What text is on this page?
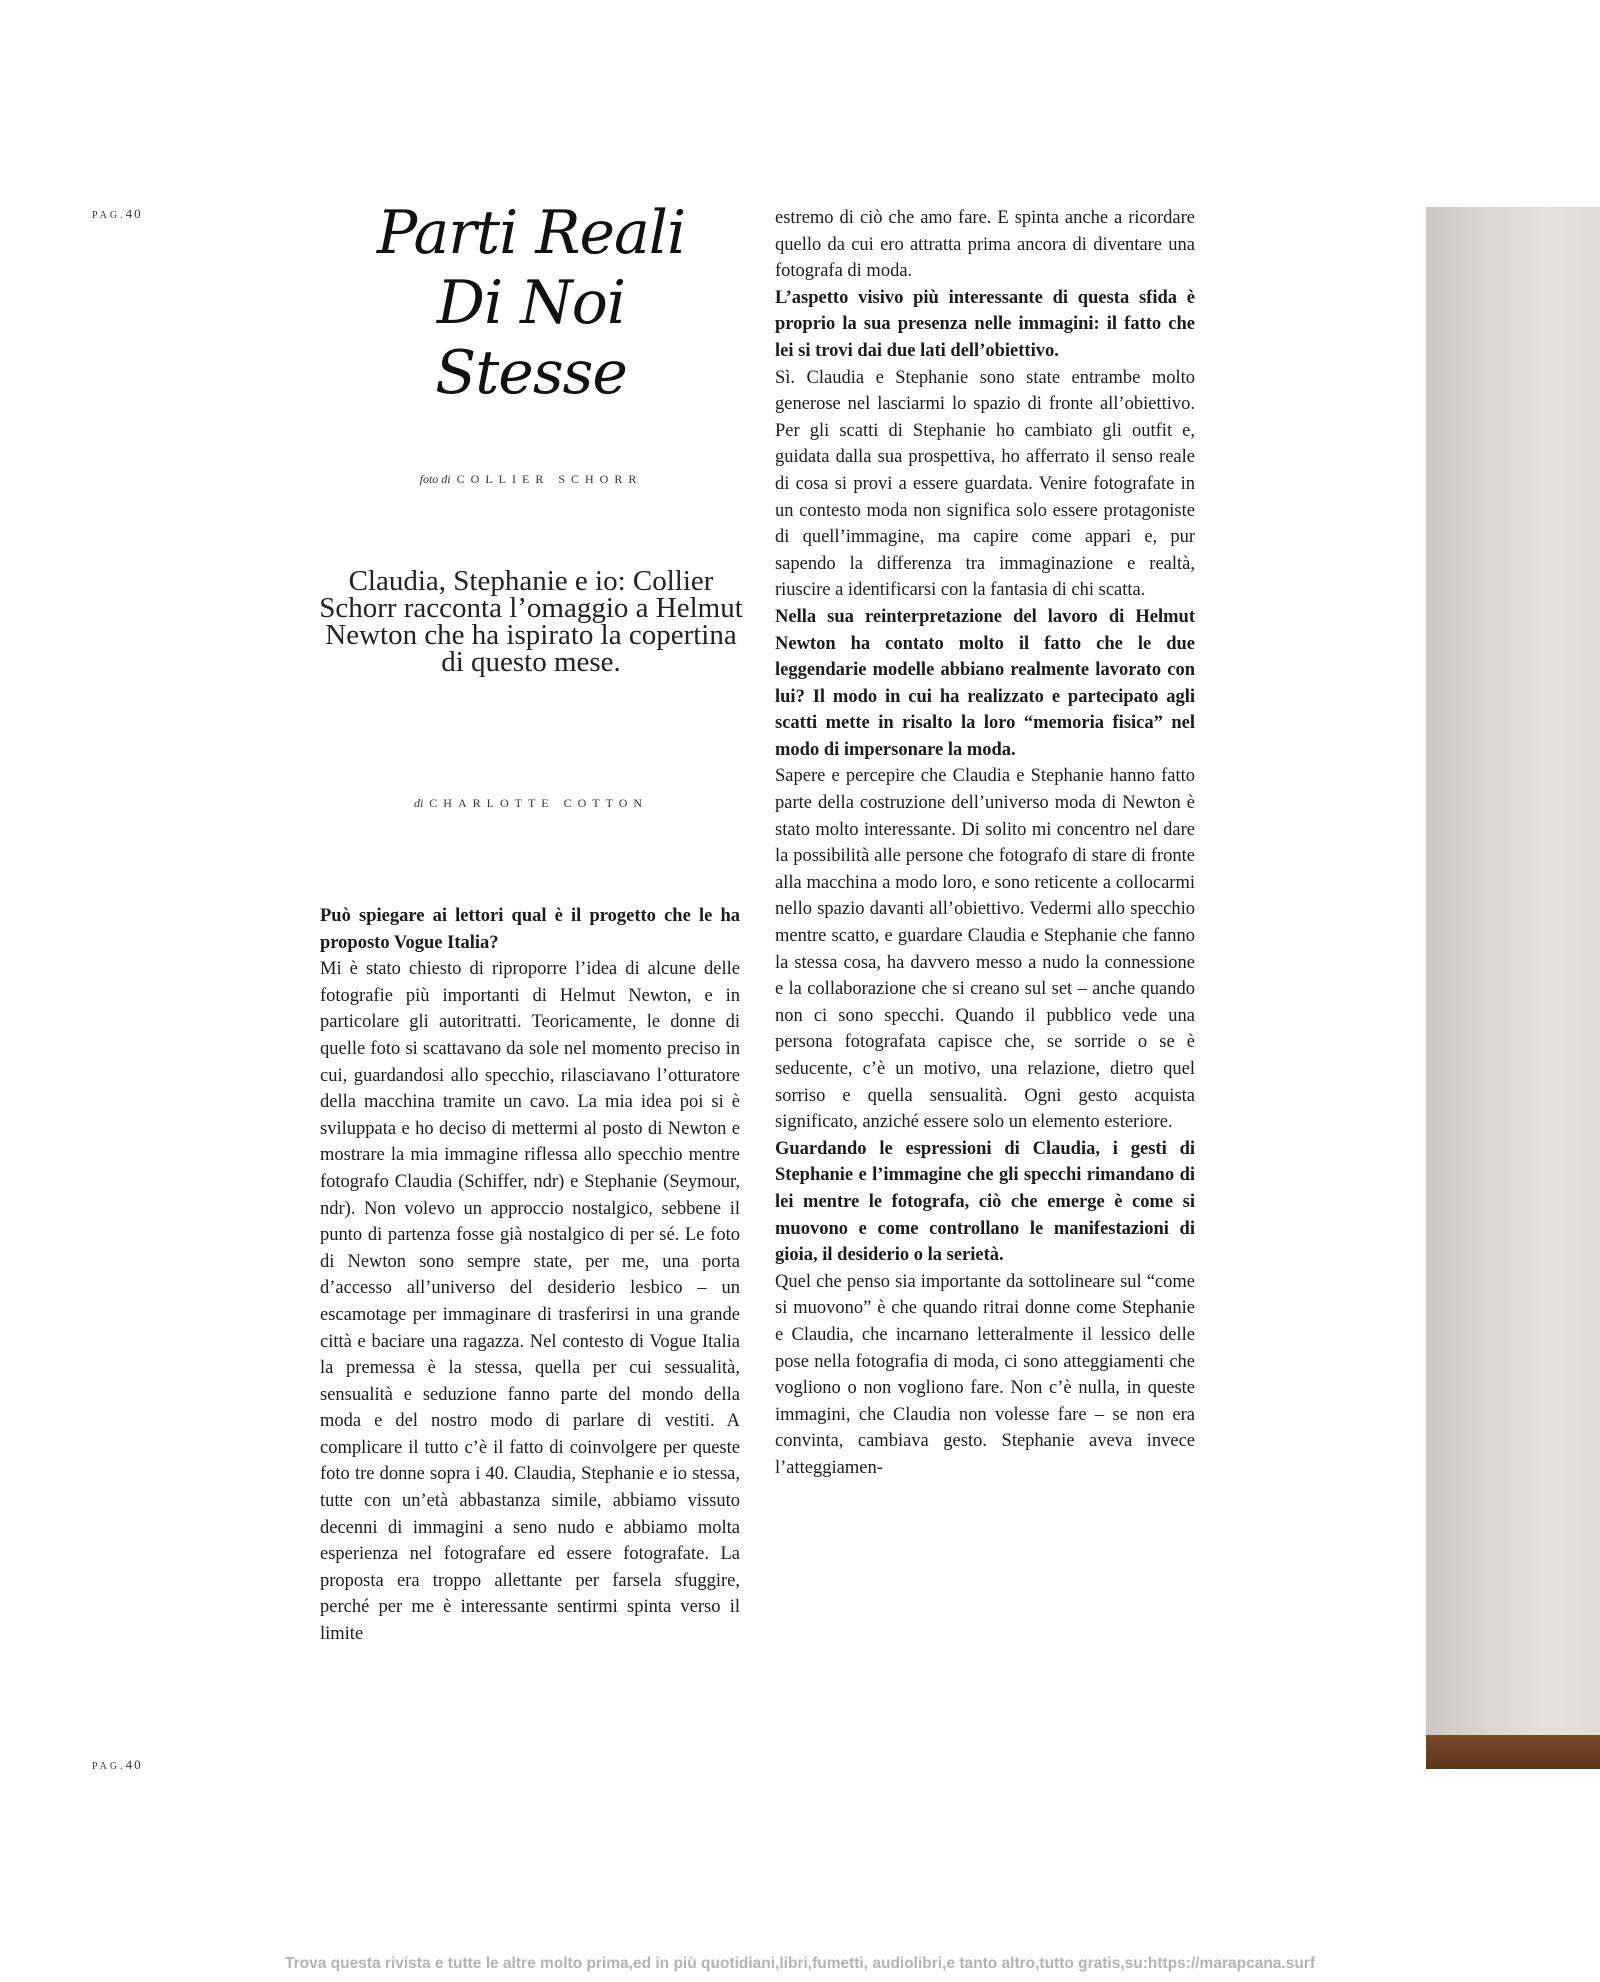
PAG.40
PAG.40
Parti Reali
Di Noi
Stesse
foto di COLLIER SCHORR
Claudia, Stephanie e io: Collier Schorr racconta l’omaggio a Helmut Newton che ha ispirato la copertina di questo mese.
di CHARLOTTE COTTON

Può spiegare ai lettori qual è il progetto che le ha proposto Vogue Italia?

Mi è stato chiesto di riproporre l’idea di alcune delle fotografie più importanti di Helmut Newton, e in particolare gli autoritratti. Teoricamente, le donne di quelle foto si scattavano da sole nel momento preciso in cui, guardandosi allo specchio, rilasciavano l’otturatore della macchina tramite un cavo. La mia idea poi si è sviluppata e ho deciso di mettermi al posto di Newton e mostrare la mia immagine riflessa allo specchio mentre fotografo Claudia (Schiffer, ndr) e Stephanie (Seymour, ndr). Non volevo un approccio nostalgico, sebbene il punto di partenza fosse già nostalgico di per sé. Le foto di Newton sono sempre state, per me, una porta d’accesso all’universo del desiderio lesbico – un escamotage per immaginare di trasferirsi in una grande città e baciare una ragazza. Nel contesto di Vogue Italia la premessa è la stessa, quella per cui sessualità, sensualità e seduzione fanno parte del mondo della moda e del nostro modo di parlare di vestiti. A complicare il tutto c’è il fatto di coinvolgere per queste foto tre donne sopra i 40. Claudia, Stephanie e io stessa, tutte con un’età abbastanza simile, abbiamo vissuto decenni di immagini a seno nudo e abbiamo molta esperienza nel fotografare ed essere fotografate. La proposta era troppo allettante per farsela sfuggire, perché per me è interessante sentirmi spinta verso il limite

estremo di ciò che amo fare. E spinta anche a ricordare quello da cui ero attratta prima ancora di diventare una fotografa di moda.

L’aspetto visivo più interessante di questa sfida è proprio la sua presenza nelle immagini: il fatto che lei si trovi dai due lati dell’obiettivo.

Sì. Claudia e Stephanie sono state entrambe molto generose nel lasciarmi lo spazio di fronte all’obiettivo. Per gli scatti di Stephanie ho cambiato gli outfit e, guidata dalla sua prospettiva, ho afferrato il senso reale di cosa si provi a essere guardata. Venire fotografate in un contesto moda non significa solo essere protagoniste di quell’immagine, ma capire come appari e, pur sapendo la differenza tra immaginazione e realtà, riuscire a identificarsi con la fantasia di chi scatta.

Nella sua reinterpretazione del lavoro di Helmut Newton ha contato molto il fatto che le due leggendarie modelle abbiano realmente lavorato con lui? Il modo in cui ha realizzato e partecipato agli scatti mette in risalto la loro “memoria fisica” nel modo di impersonare la moda.

Sapere e percepire che Claudia e Stephanie hanno fatto parte della costruzione dell’universo moda di Newton è stato molto interessante. Di solito mi concentro nel dare la possibilità alle persone che fotografo di stare di fronte alla macchina a modo loro, e sono reticente a collocarmi nello spazio davanti all’obiettivo. Vedermi allo specchio mentre scatto, e guardare Claudia e Stephanie che fanno la stessa cosa, ha davvero messo a nudo la connessione e la collaborazione che si creano sul set – anche quando non ci sono specchi. Quando il pubblico vede una persona fotografata capisce che, se sorride o se è seducente, c’è un motivo, una relazione, dietro quel sorriso e quella sensualità. Ogni gesto acquista significato, anziché essere solo un elemento esteriore.

Guardando le espressioni di Claudia, i gesti di Stephanie e l’immagine che gli specchi rimandano di lei mentre le fotografa, ciò che emerge è come si muovono e come controllano le manifestazioni di gioia, il desiderio o la serietà.

Quel che penso sia importante da sottolineare sul “come si muovono” è che quando ritrai donne come Stephanie e Claudia, che incarnano letteralmente il lessico delle pose nella fotografia di moda, ci sono atteggiamenti che vogliono o non vogliono fare. Non c’è nulla, in queste immagini, che Claudia non volesse fare – se non era convinta, cambiava gesto. Stephanie aveva invece l’atteggiamen-

Trova questa rivista e tutte le altre molto prima,ed in più quotidiani,libri,fumetti, audiolibri,e tanto altro,tutto gratis,su:https://marapcana.surf
